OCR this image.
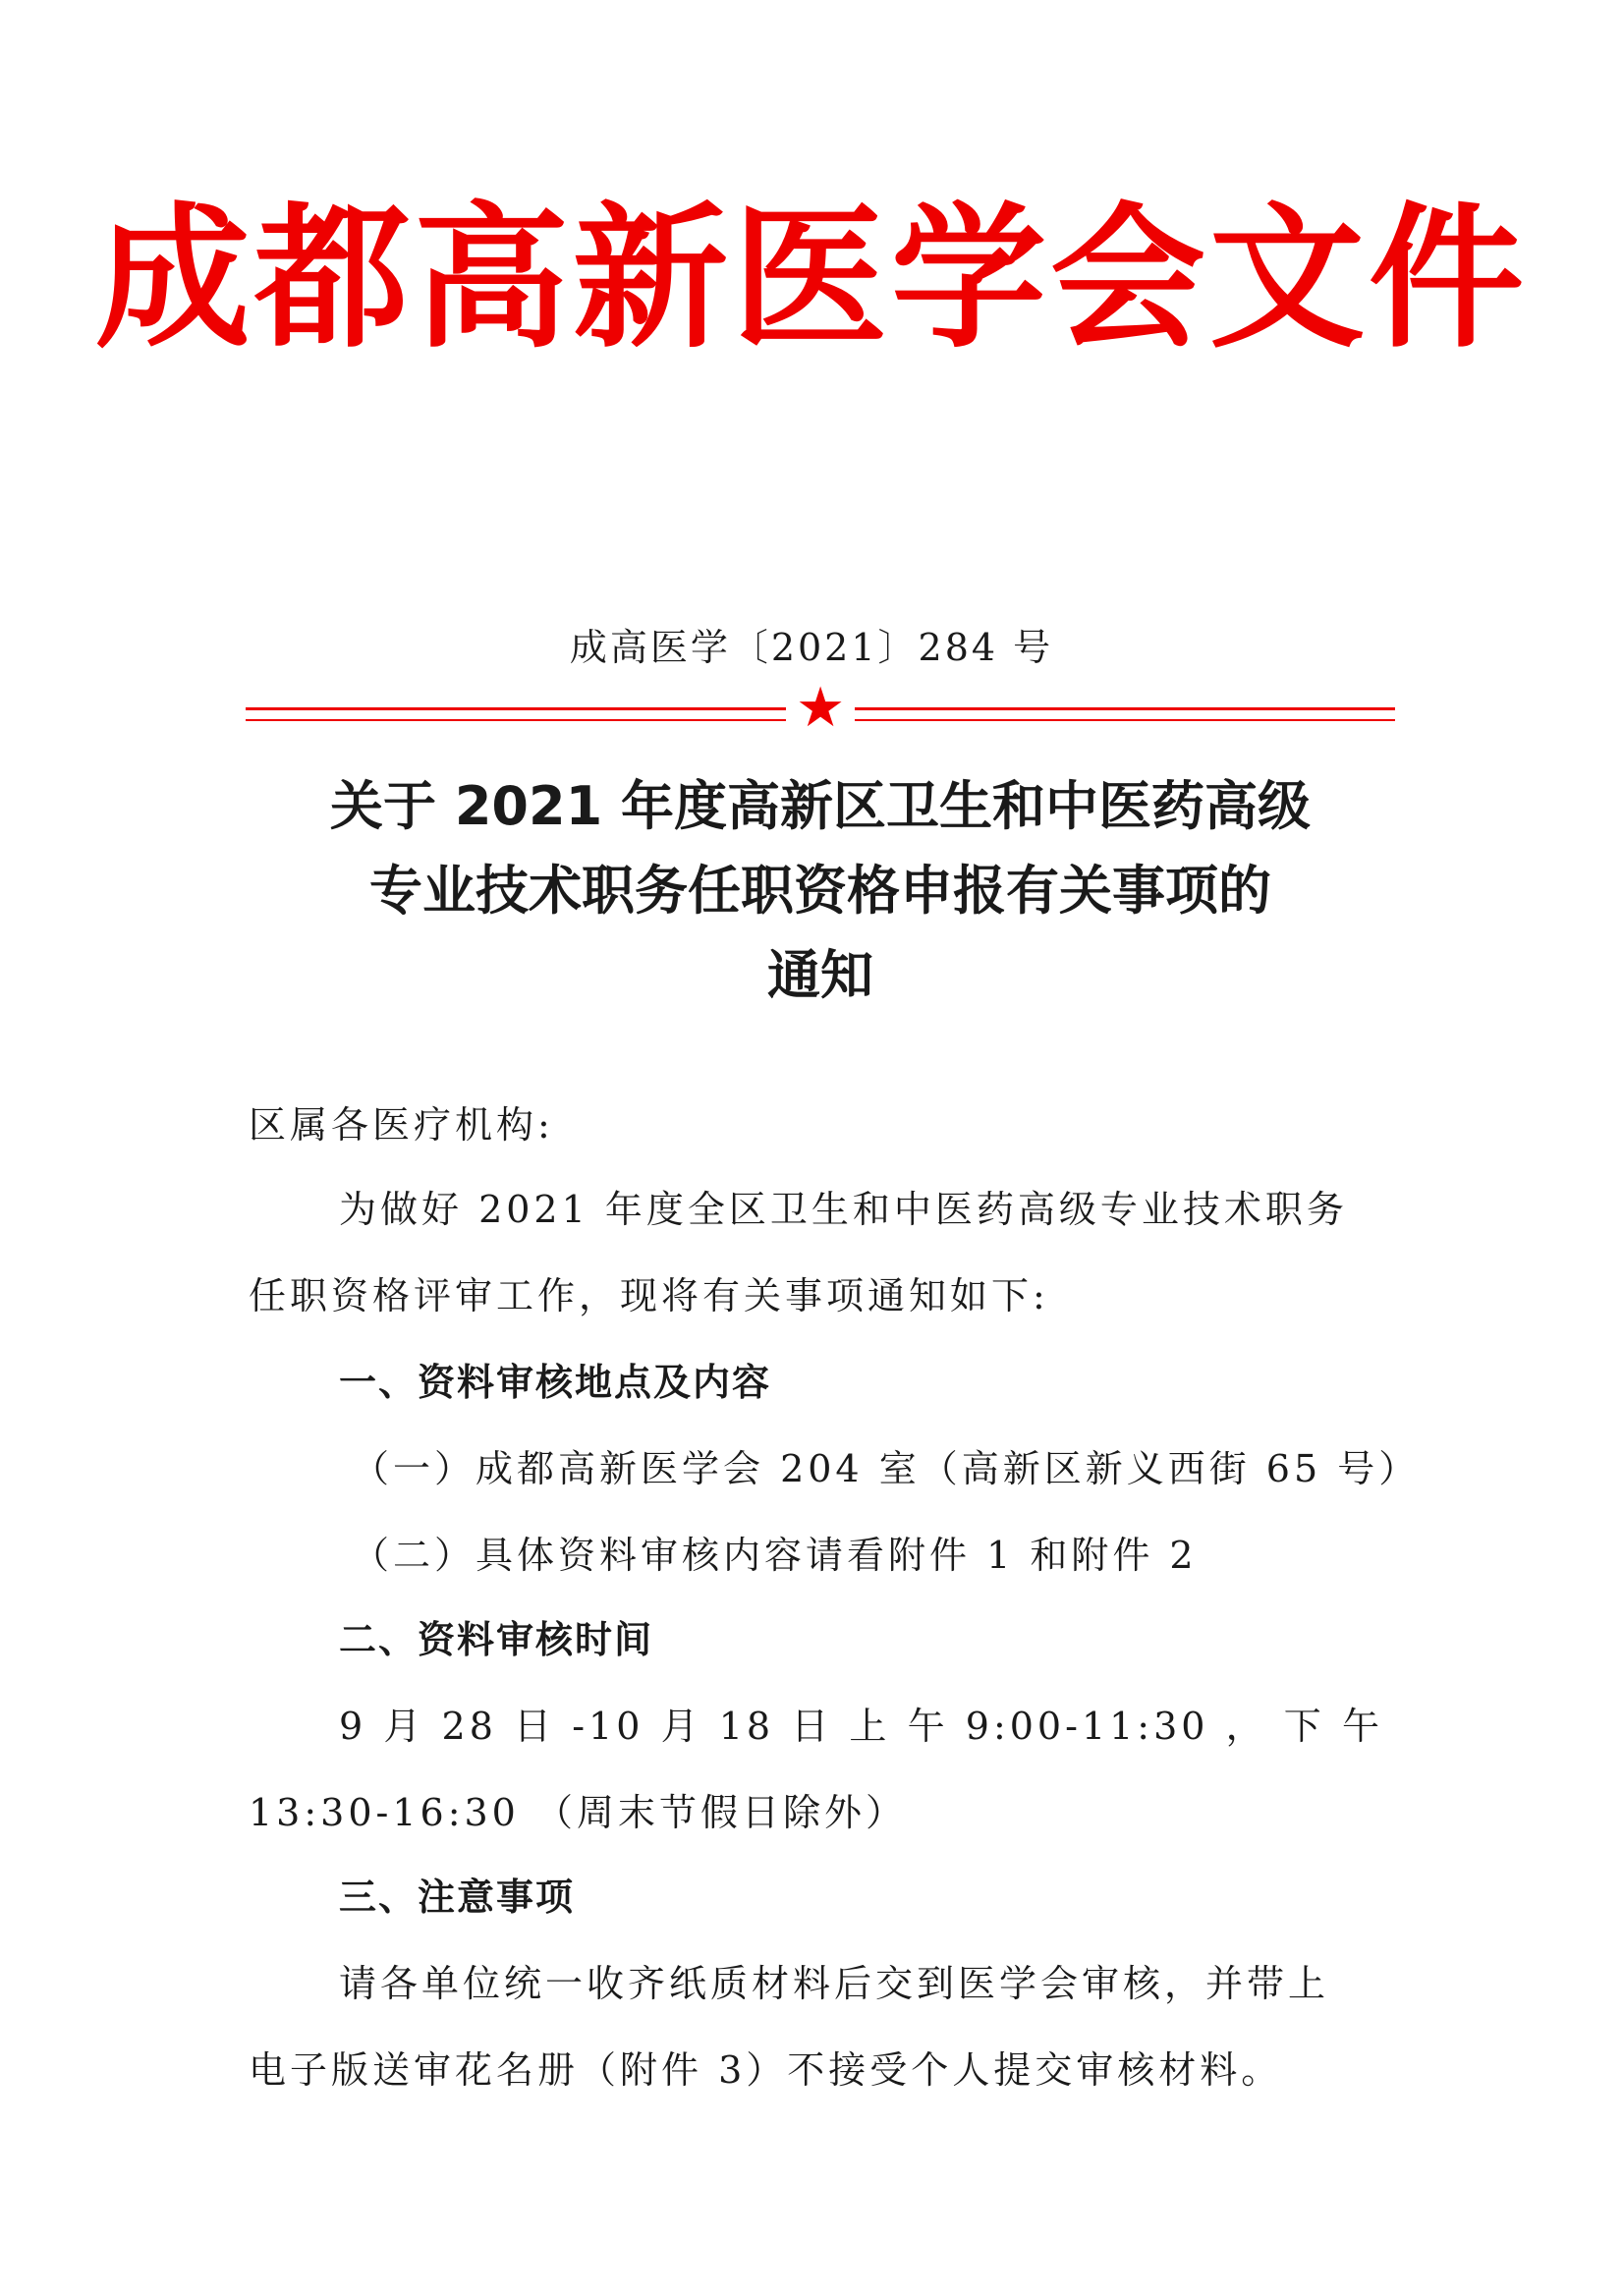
成都高新医学会文件
成高医学〔2021〕284 号
★
关于 2021 年度高新区卫生和中医药高级
专业技术职务任职资格申报有关事项的
通知
区属各医疗机构:
为做好 2021 年度全区卫生和中医药高级专业技术职务
任职资格评审工作，现将有关事项通知如下:
一、资料审核地点及内容
（一）成都高新医学会 204 室（高新区新义西街 65 号）
（二）具体资料审核内容请看附件 1 和附件 2
二、资料审核时间
9 月 28 日 -10 月 18 日 上 午 9:00-11:30 ， 下 午
13:30-16:30 （周末节假日除外）
三、注意事项
请各单位统一收齐纸质材料后交到医学会审核，并带上
电子版送审花名册（附件 3）不接受个人提交审核材料。
